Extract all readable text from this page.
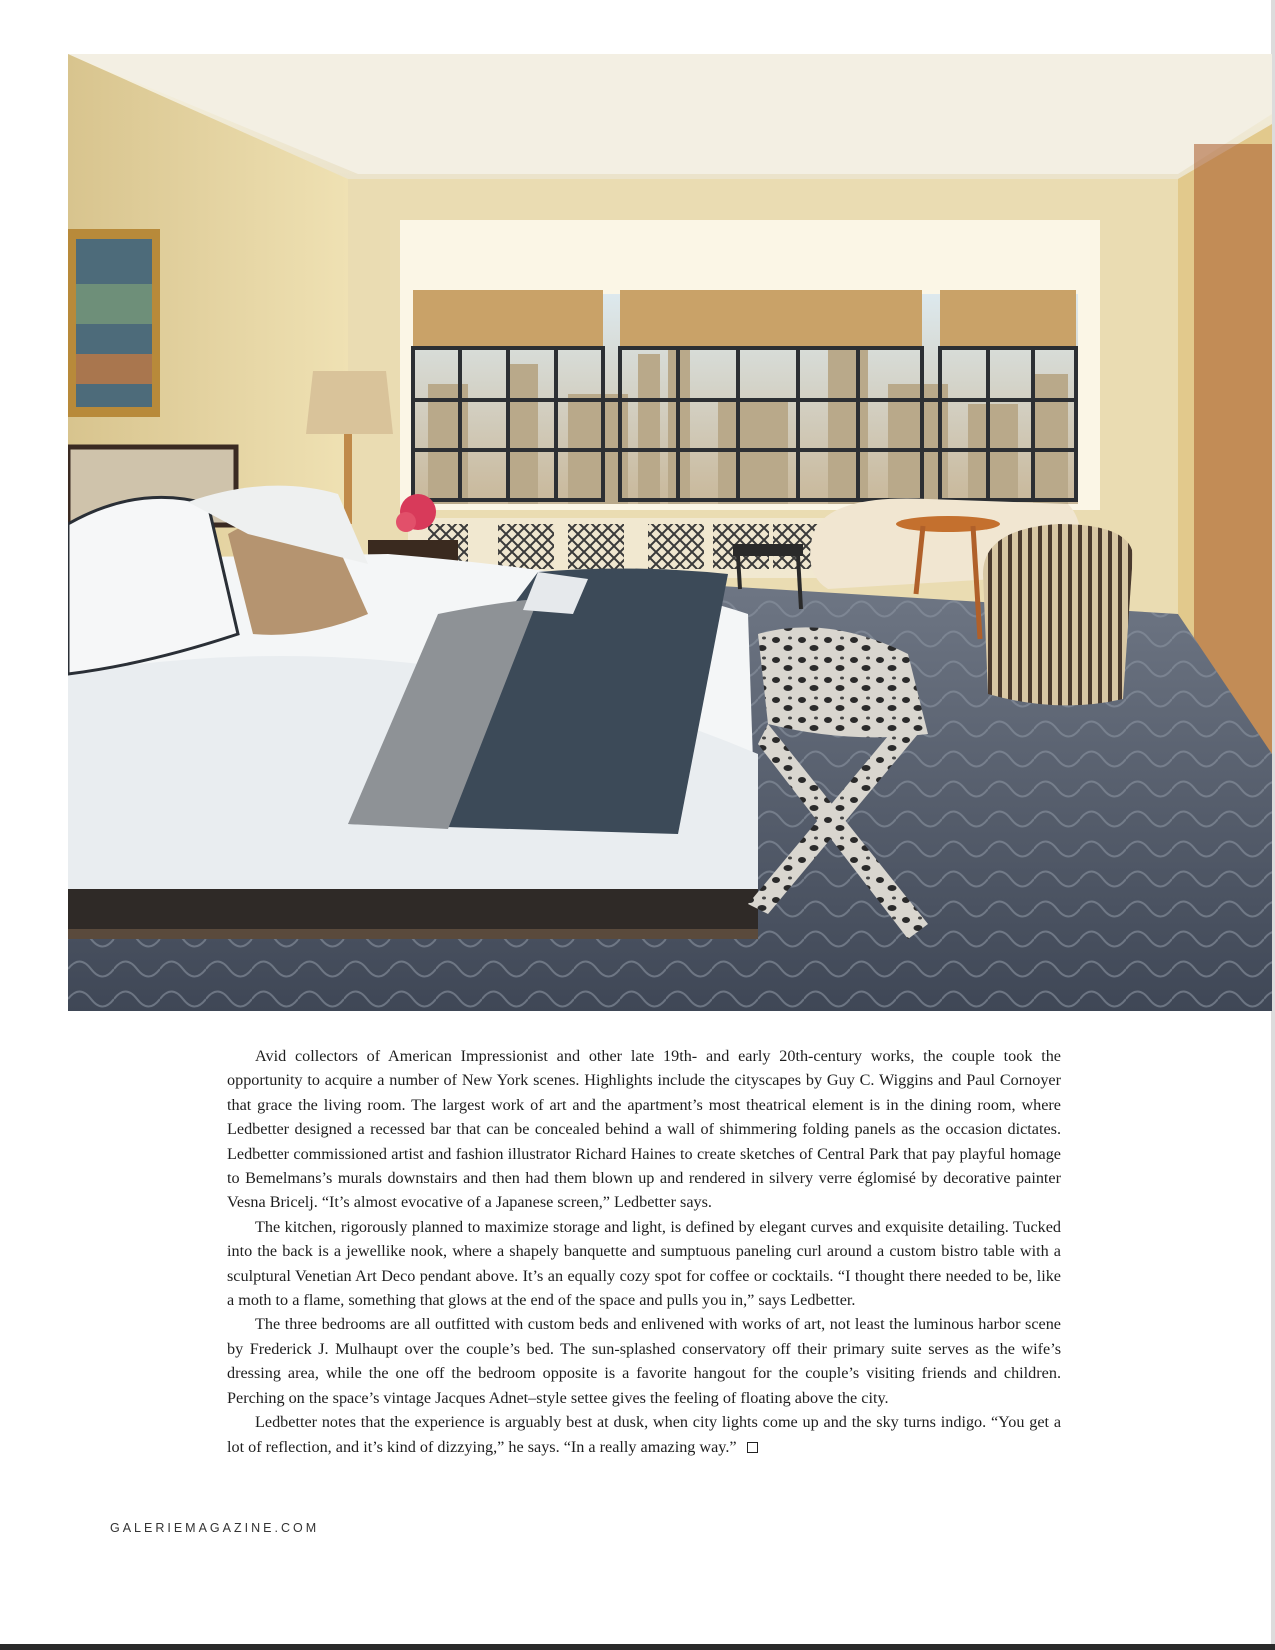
Avid collectors of American Impressionist and other late 19th- and early 20th-century works, the couple took the opportunity to acquire a number of New York scenes. Highlights include the cityscapes by Guy C. Wiggins and Paul Cornoyer that grace the living room. The largest work of art and the apartment’s most theatrical element is in the dining room, where Ledbetter designed a recessed bar that can be concealed behind a wall of shimmering folding panels as the occasion dictates. Ledbetter commissioned artist and fashion illustrator Richard Haines to create sketches of Central Park that pay playful homage to Bemelmans’s murals downstairs and then had them blown up and rendered in silvery verre églomisé by decorative painter Vesna Bricelj. “It’s almost evocative of a Japanese screen,” Ledbetter says.

The kitchen, rigorously planned to maximize storage and light, is defined by elegant curves and exquisite detailing. Tucked into the back is a jewellike nook, where a shapely banquette and sumptuous paneling curl around a custom bistro table with a sculptural Venetian Art Deco pendant above. It’s an equally cozy spot for coffee or cocktails. “I thought there needed to be, like a moth to a flame, something that glows at the end of the space and pulls you in,” says Ledbetter.

The three bedrooms are all outfitted with custom beds and enlivened with works of art, not least the luminous harbor scene by Frederick J. Mulhaupt over the couple’s bed. The sun-splashed conservatory off their primary suite serves as the wife’s dressing area, while the one off the bedroom opposite is a favorite hangout for the couple’s visiting friends and children. Perching on the space’s vintage Jacques Adnet–style settee gives the feeling of floating above the city.

Ledbetter notes that the experience is arguably best at dusk, when city lights come up and the sky turns indigo. “You get a lot of reflection, and it’s kind of dizzying,” he says. “In a really amazing way.”

GALERIEMAGAZINE.COM
